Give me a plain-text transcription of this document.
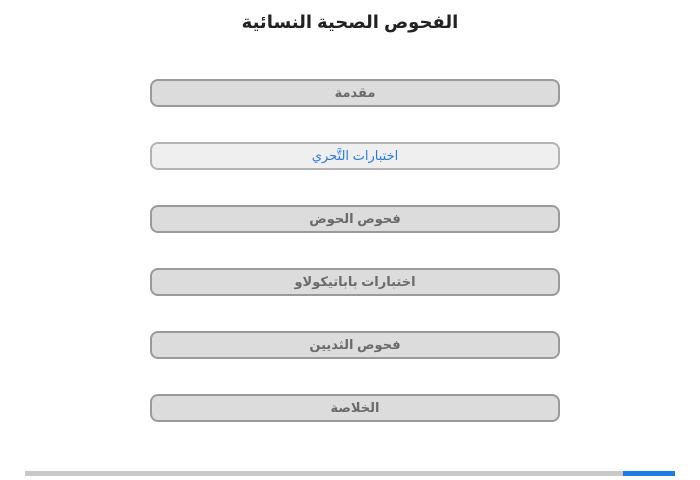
الفحوص الصحية النسائية
مقدمة
اختبارات التَّحري
فحوص الحوض
اختبارات باباتيكولاو
فحوص الثديين
الخلاصة
